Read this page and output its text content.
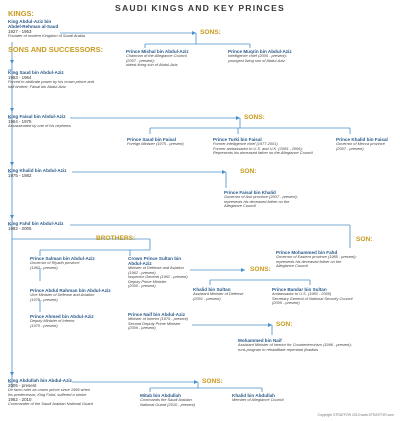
SAUDI KINGS AND KEY PRINCES
KINGS:
King Abdul-Aziz bin
Abdel-Rehman al-Saud
1927 - 1953
Founder of modern Kingdom of Saudi Arabia	SONS:
Prince Mishal bin Abdul-Aziz
Chairman of the Allegiance Council
(2007 - present);
oldest living son of Abdul-Aziz
Prince Muqrin bin Abdul-Aziz
Intelligence chief (2005 - present);
youngest living son of Abdul-Aziz
SONS AND SUCCESSORS:
King Saud bin Abdul-Aziz
1953 - 1964
Forced to abdicate power by his crown prince and
half brother, Faisal bin Abdul-Aziz
King Faisal bin Abdul-Aziz
1964 - 1975
Assassinated by one of his nephews
SONS:
Prince Saud bin Faisal
Foreign Minister (1975 - present)
Prince Turki bin Faisal
Former intelligence chief (1977-2001)
Former ambassador to U.S. and U.K. (2005 - 2006);
Represents his deceased father on the Allegiance Council
Prince Khalid bin Faisal
Governor of Mecca province
(2007 - present)
King Khalid bin Abdul-Aziz
1975 - 1982
SON:
Prince Faisal bin Khalid
Governor of Asir province (2007 - present);
represents his deceased father on the
Allegiance Council
King Fahd bin Abdul-Aziz
1982 - 2005
SON:
Prince Mohammed bin Fahd
Governor of Eastern province (1985 - present);
represents his deceased father on the
Allegiance Council
BROTHERS:
Prince Salman bin Abdul-Aziz
Governor of Riyadh province
(1962 - present)
Crown Prince Sultan bin
Abdul-Aziz
Minister of Defense and Aviation
(1962 - present)
Inspector General (1962 - present)
Deputy Prime Minister
(2005 - present)
SONS:
Prince Abdul Rahman bin Abdul-Aziz
Vice Minister of Defense and Aviation
(1978 - present)
Khalid bin Sultan
Assistant Minister of Defense
(2001 - present)
Prince Bandar bin Sultan
Ambassador to U.S. (1983 - 2005)
Secretary General of National Security Council
(2005 - present)
Prince Ahmed bin Abdul-Aziz
Deputy Minister of Interior
(1975 - present)
Prince Naif bin Abdul-Aziz
Minister of Interior (1975 - present)
Second Deputy Prime Minister
(2009 - present)	SON:
Mohammed bin Naif
Assistant Minister of Interior for Counterterrorism (1996 - present);
runs program to rehabilitate repentant jihadists
King Abdullah bin Abdul-Aziz
2005 - present
De facto ruler as crown prince since 1995 when
his predecessor, King Fahd, suffered a stroke
1962 - 2010
Commander of the Saudi Arabian National Guard
SONS:
Mitab bin Abdullah
Commands the Saudi Arabian
National Guard (2010 - present)
Khalid bin Abdullah
Member of Allegiance Council
Copyright STRATFOR 2010 www.STRATFOR.com
